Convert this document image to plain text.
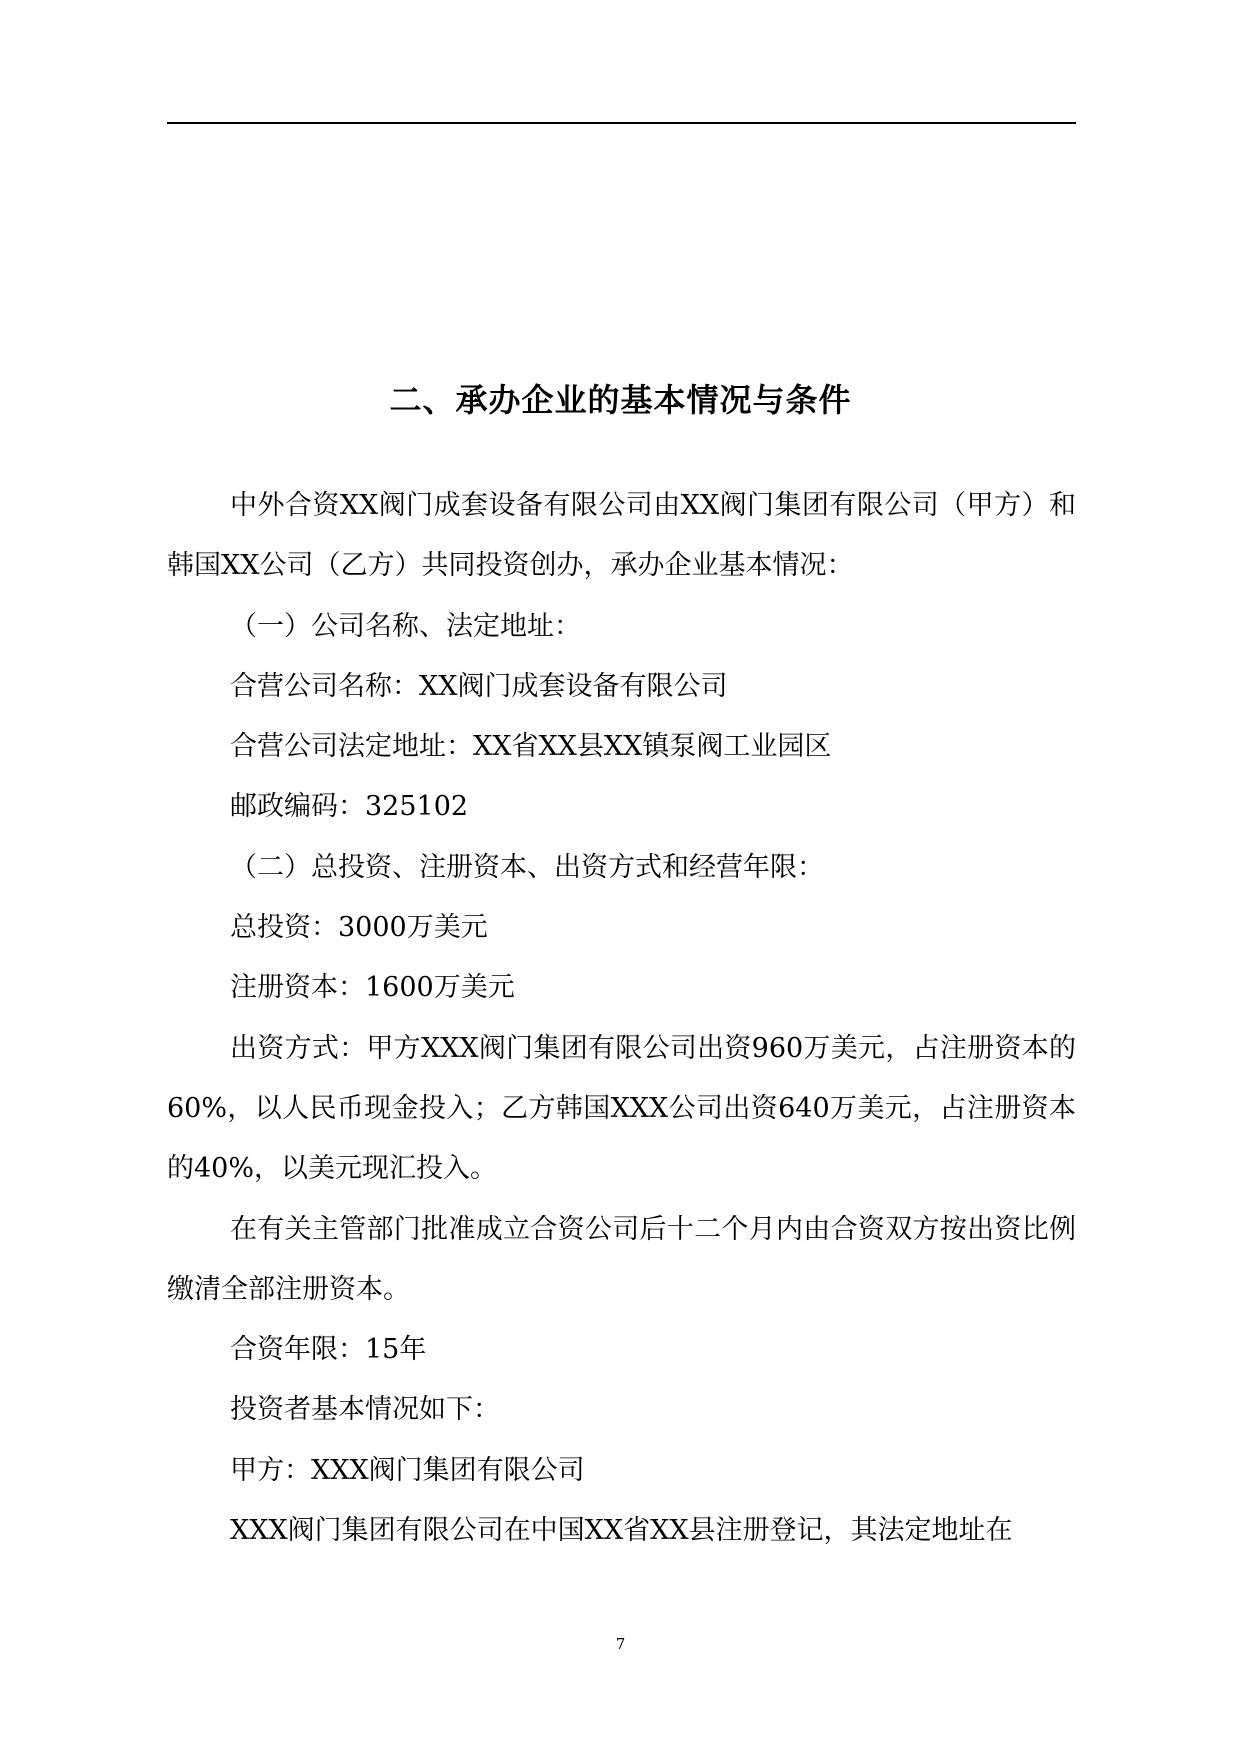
二、承办企业的基本情况与条件

中外合资XX阀门成套设备有限公司由XX阀门集团有限公司（甲方）和韩国XX公司（乙方）共同投资创办，承办企业基本情况：

（一）公司名称、法定地址：

合营公司名称：XX阀门成套设备有限公司

合营公司法定地址：XX省XX县XX镇泵阀工业园区

邮政编码：325102

（二）总投资、注册资本、出资方式和经营年限：

总投资：3000万美元

注册资本：1600万美元

出资方式：甲方XXX阀门集团有限公司出资960万美元，占注册资本的60%，以人民币现金投入；乙方韩国XXX公司出资640万美元，占注册资本的40%，以美元现汇投入。

在有关主管部门批准成立合资公司后十二个月内由合资双方按出资比例缴清全部注册资本。

合资年限：15年

投资者基本情况如下：

甲方：XXX阀门集团有限公司

XXX阀门集团有限公司在中国XX省XX县注册登记，其法定地址在

7
